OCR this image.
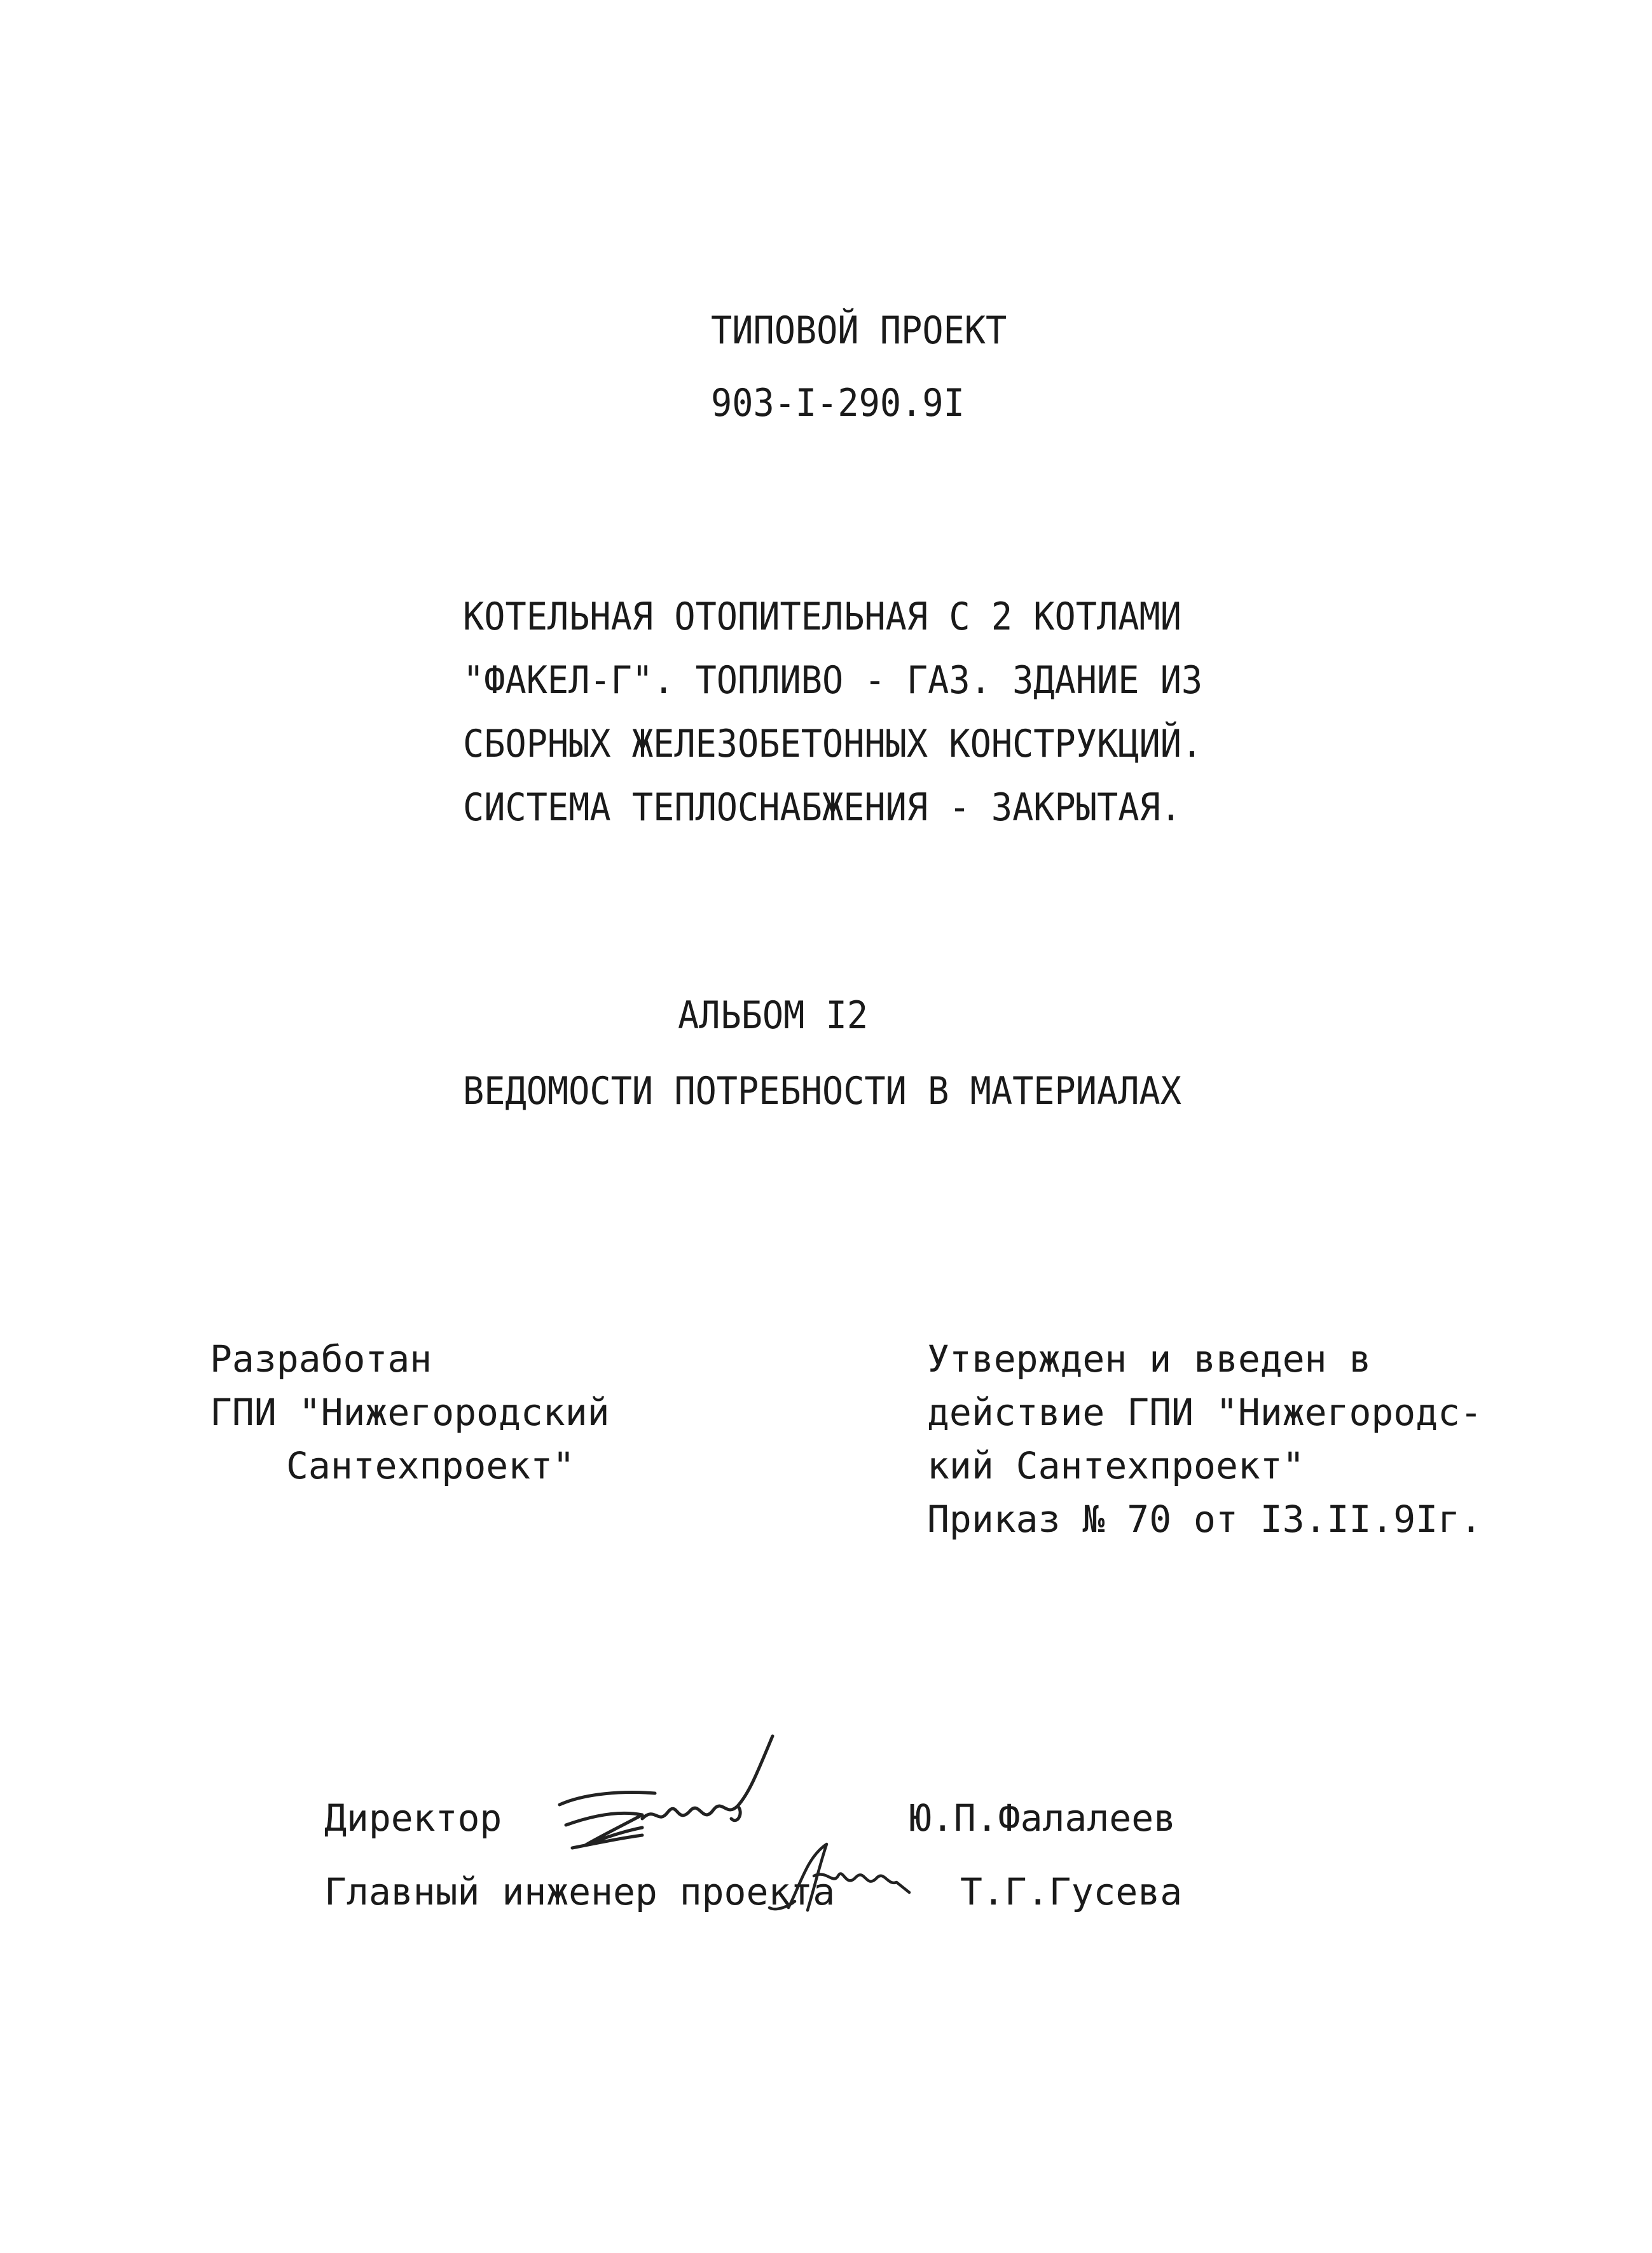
ТИПОВОЙ ПРОЕКТ
903-I-290.9I
КОТЕЛЬНАЯ ОТОПИТЕЛЬНАЯ С 2 КОТЛАМИ
"ФАКЕЛ-Г". ТОПЛИВО - ГАЗ. ЗДАНИЕ ИЗ
СБОРНЫХ ЖЕЛЕЗОБЕТОННЫХ КОНСТРУКЦИЙ.
СИСТЕМА ТЕПЛОСНАБЖЕНИЯ - ЗАКРЫТАЯ.
АЛЬБОМ I2
ВЕДОМОСТИ ПОТРЕБНОСТИ В МАТЕРИАЛАХ
Разработан
ГПИ "Нижегородский
Сантехпроект"
Утвержден и введен в
действие ГПИ "Нижегородс-
кий Сантехпроект"
Приказ № 70 от I3.II.9Iг.
Директор	Ю.П.Фалалеев
Главный инженер проекта	Т.Г.Гусева
